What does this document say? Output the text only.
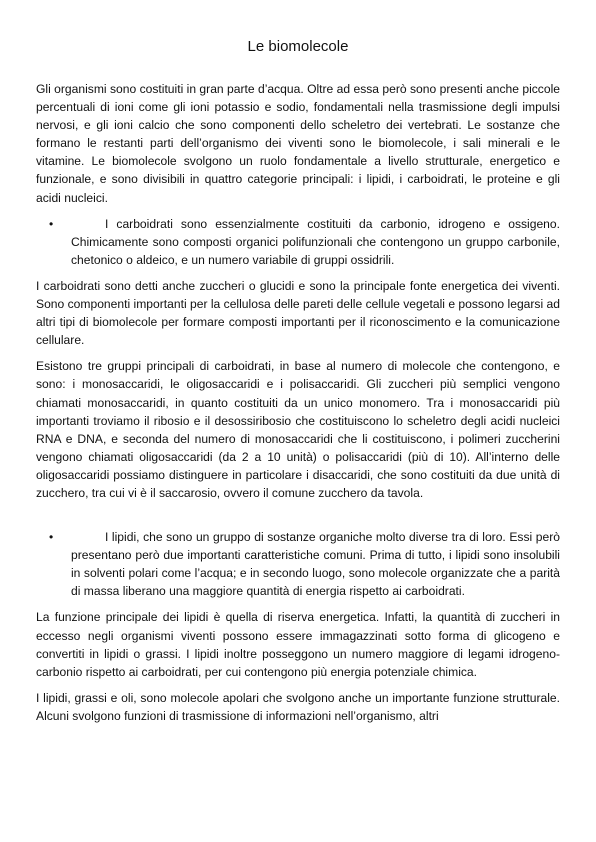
Le biomolecole

Gli organismi sono costituiti in gran parte d’acqua. Oltre ad essa però sono presenti anche piccole percentuali di ioni come gli ioni potassio e sodio, fondamentali nella trasmissione degli impulsi nervosi, e gli ioni calcio che sono componenti dello scheletro dei vertebrati. Le sostanze che formano le restanti parti dell’organismo dei viventi sono le biomolecole, i sali minerali e le vitamine. Le biomolecole svolgono un ruolo fondamentale a livello strutturale, energetico e funzionale, e sono divisibili in quattro categorie principali: i lipidi, i carboidrati, le proteine e gli acidi nucleici.

•	I carboidrati sono essenzialmente costituiti da carbonio, idrogeno e ossigeno. Chimicamente sono composti organici polifunzionali che contengono un gruppo carbonile, chetonico o aldeico, e un numero variabile di gruppi ossidrili.

I carboidrati sono detti anche zuccheri o glucidi e sono la principale fonte energetica dei viventi. Sono componenti importanti per la cellulosa delle pareti delle cellule vegetali e possono legarsi ad altri tipi di biomolecole per formare composti importanti per il riconoscimento e la comunicazione cellulare.

Esistono tre gruppi principali di carboidrati, in base al numero di molecole che contengono, e sono: i monosaccaridi, le oligosaccaridi e i polisaccaridi. Gli zuccheri più semplici vengono chiamati monosaccaridi, in quanto costituiti da un unico monomero. Tra i monosaccaridi più importanti troviamo il ribosio e il desossiribosio che costituiscono lo scheletro degli acidi nucleici RNA e DNA, e seconda del numero di monosaccaridi che li costituiscono, i polimeri zuccherini vengono chiamati oligosaccaridi (da 2 a 10 unità) o polisaccaridi (più di 10). All’interno delle oligosaccaridi possiamo distinguere in particolare i disaccaridi, che sono costituiti da due unità di zucchero, tra cui vi è il saccarosio, ovvero il comune zucchero da tavola.

•	I lipidi, che sono un gruppo di sostanze organiche molto diverse tra di loro. Essi però presentano però due importanti caratteristiche comuni. Prima di tutto, i lipidi sono insolubili in solventi polari come l’acqua; e in secondo luogo, sono molecole organizzate che a parità di massa liberano una maggiore quantità di energia rispetto ai carboidrati.

La funzione principale dei lipidi è quella di riserva energetica. Infatti, la quantità di zuccheri in eccesso negli organismi viventi possono essere immagazzinati sotto forma di glicogeno e convertiti in lipidi o grassi. I lipidi inoltre posseggono un numero maggiore di legami idrogeno-carbonio rispetto ai carboidrati, per cui contengono più energia potenziale chimica.

I lipidi, grassi e oli, sono molecole apolari che svolgono anche un importante funzione strutturale. Alcuni svolgono funzioni di trasmissione di informazioni nell’organismo, altri
